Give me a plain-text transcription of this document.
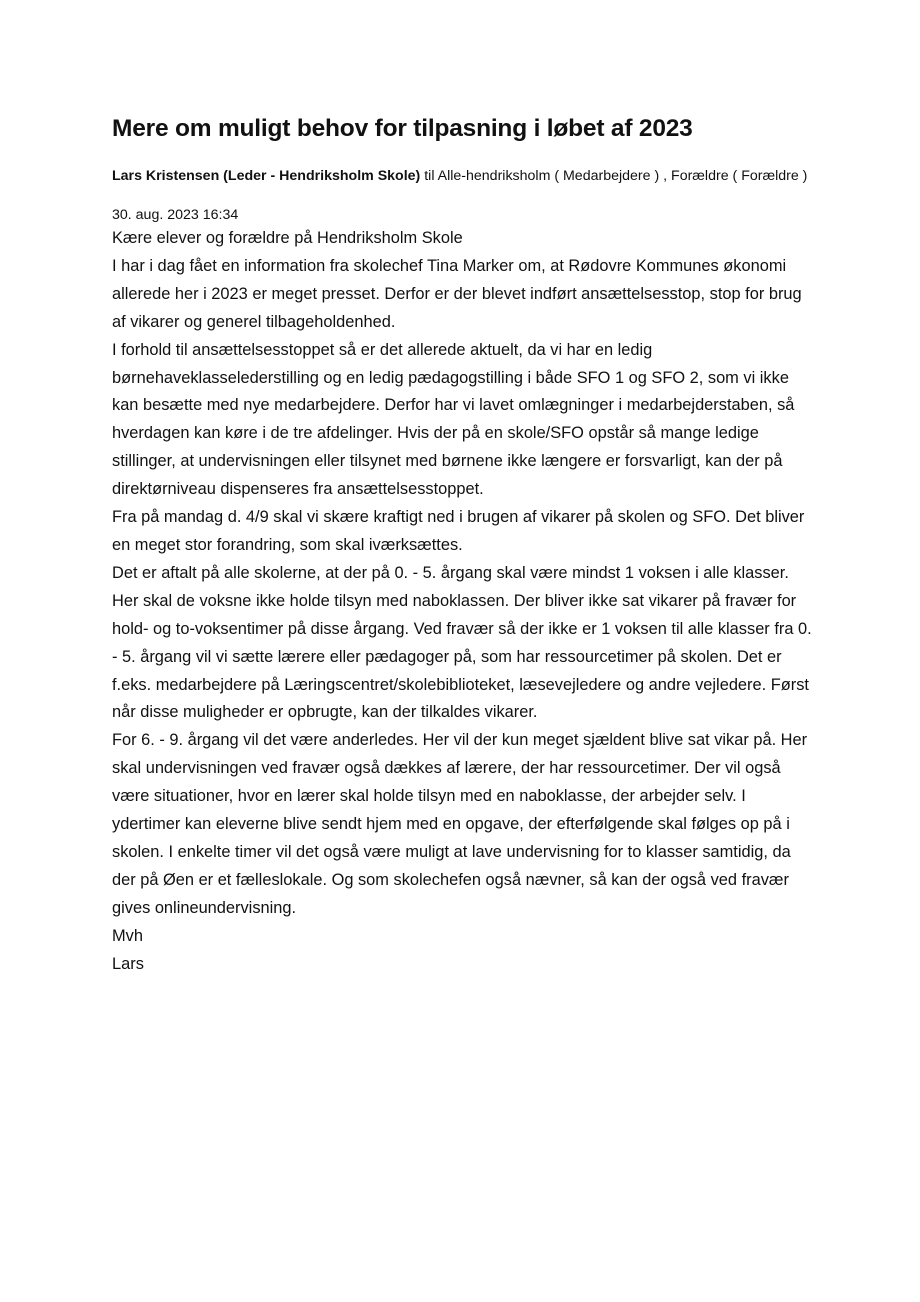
Mere om muligt behov for tilpasning i løbet af 2023
Lars Kristensen (Leder - Hendriksholm Skole) til Alle-hendriksholm ( Medarbejdere ) , Forældre ( Forældre )
30. aug. 2023 16:34

Kære elever og forældre på Hendriksholm Skole

I har i dag fået en information fra skolechef Tina Marker om, at Rødovre Kommunes økonomi allerede her i 2023 er meget presset. Derfor er der blevet indført ansættelsesstop, stop for brug af vikarer og generel tilbageholdenhed.

I forhold til ansættelsesstoppet så er det allerede aktuelt, da vi har en ledig børnehaveklasselederstilling og en ledig pædagogstilling i både SFO 1 og SFO 2, som vi ikke kan besætte med nye medarbejdere. Derfor har vi lavet omlægninger i medarbejderstaben, så hverdagen kan køre i de tre afdelinger. Hvis der på en skole/SFO opstår så mange ledige stillinger, at undervisningen eller tilsynet med børnene ikke længere er forsvarligt, kan der på direktørniveau dispenseres fra ansættelsesstoppet.

Fra på mandag d. 4/9 skal vi skære kraftigt ned i brugen af vikarer på skolen og SFO. Det bliver en meget stor forandring, som skal iværksættes.

Det er aftalt på alle skolerne, at der på 0. - 5. årgang skal være mindst 1 voksen i alle klasser. Her skal de voksne ikke holde tilsyn med naboklassen. Der bliver ikke sat vikarer på fravær for hold- og to-voksentimer på disse årgang. Ved fravær så der ikke er 1 voksen til alle klasser fra 0. - 5. årgang vil vi sætte lærere eller pædagoger på, som har ressourcetimer på skolen. Det er f.eks. medarbejdere på Læringscentret/skolebiblioteket, læsevejledere og andre vejledere. Først når disse muligheder er opbrugte, kan der tilkaldes vikarer.

For 6. - 9. årgang vil det være anderledes. Her vil der kun meget sjældent blive sat vikar på. Her skal undervisningen ved fravær også dækkes af lærere, der har ressourcetimer. Der vil også være situationer, hvor en lærer skal holde tilsyn med en naboklasse, der arbejder selv. I ydertimer kan eleverne blive sendt hjem med en opgave, der efterfølgende skal følges op på i skolen. I enkelte timer vil det også være muligt at lave undervisning for to klasser samtidig, da der på Øen er et fælleslokale. Og som skolechefen også nævner, så kan der også ved fravær gives onlineundervisning.

Mvh

Lars
